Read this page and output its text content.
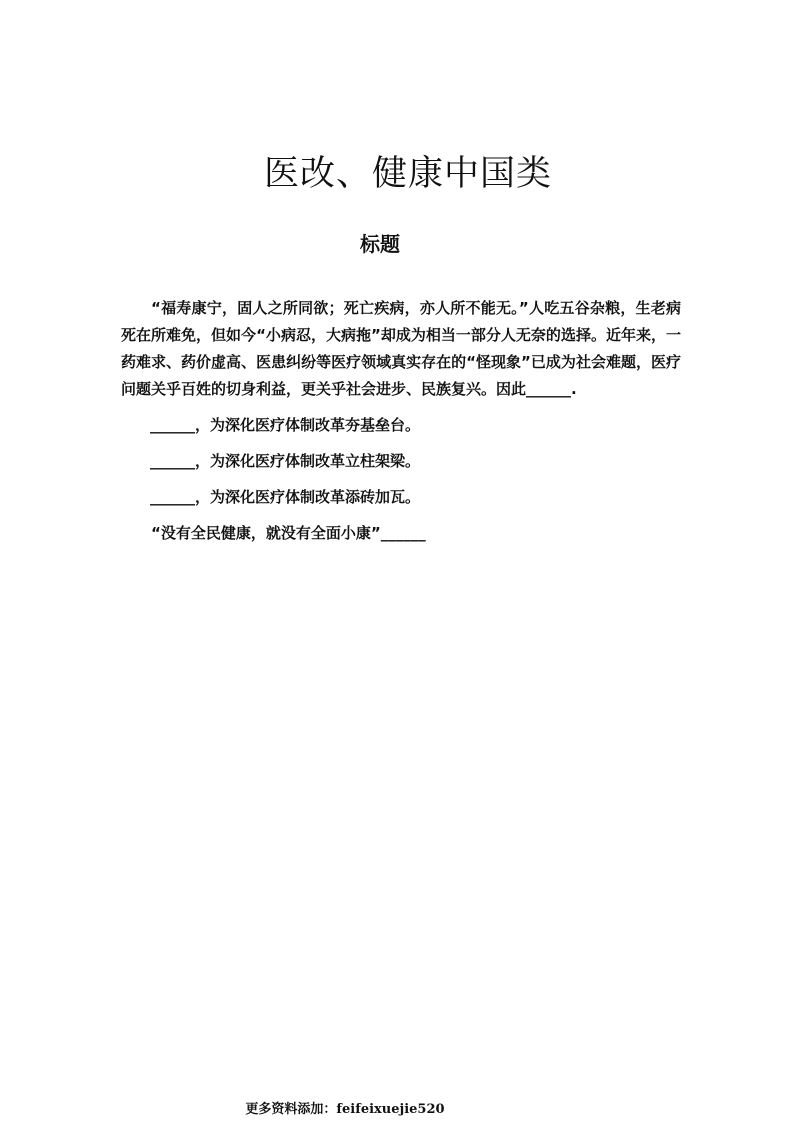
医改、健康中国类
标题

“福寿康宁，固人之所同欲；死亡疾病，亦人所不能无。”人吃五谷杂粮，生老病死在所难免，但如今“小病忍，大病拖”却成为相当一部分人无奈的选择。近年来，一药难求、药价虚高、医患纠纷等医疗领域真实存在的“怪现象”已成为社会难题，医疗问题关乎百姓的切身利益，更关乎社会进步、民族复兴。因此______.

______，为深化医疗体制改革夯基垒台。

______，为深化医疗体制改革立柱架梁。

______，为深化医疗体制改革添砖加瓦。

“没有全民健康，就没有全面小康”______

更多资料添加：feifeixuejie520
